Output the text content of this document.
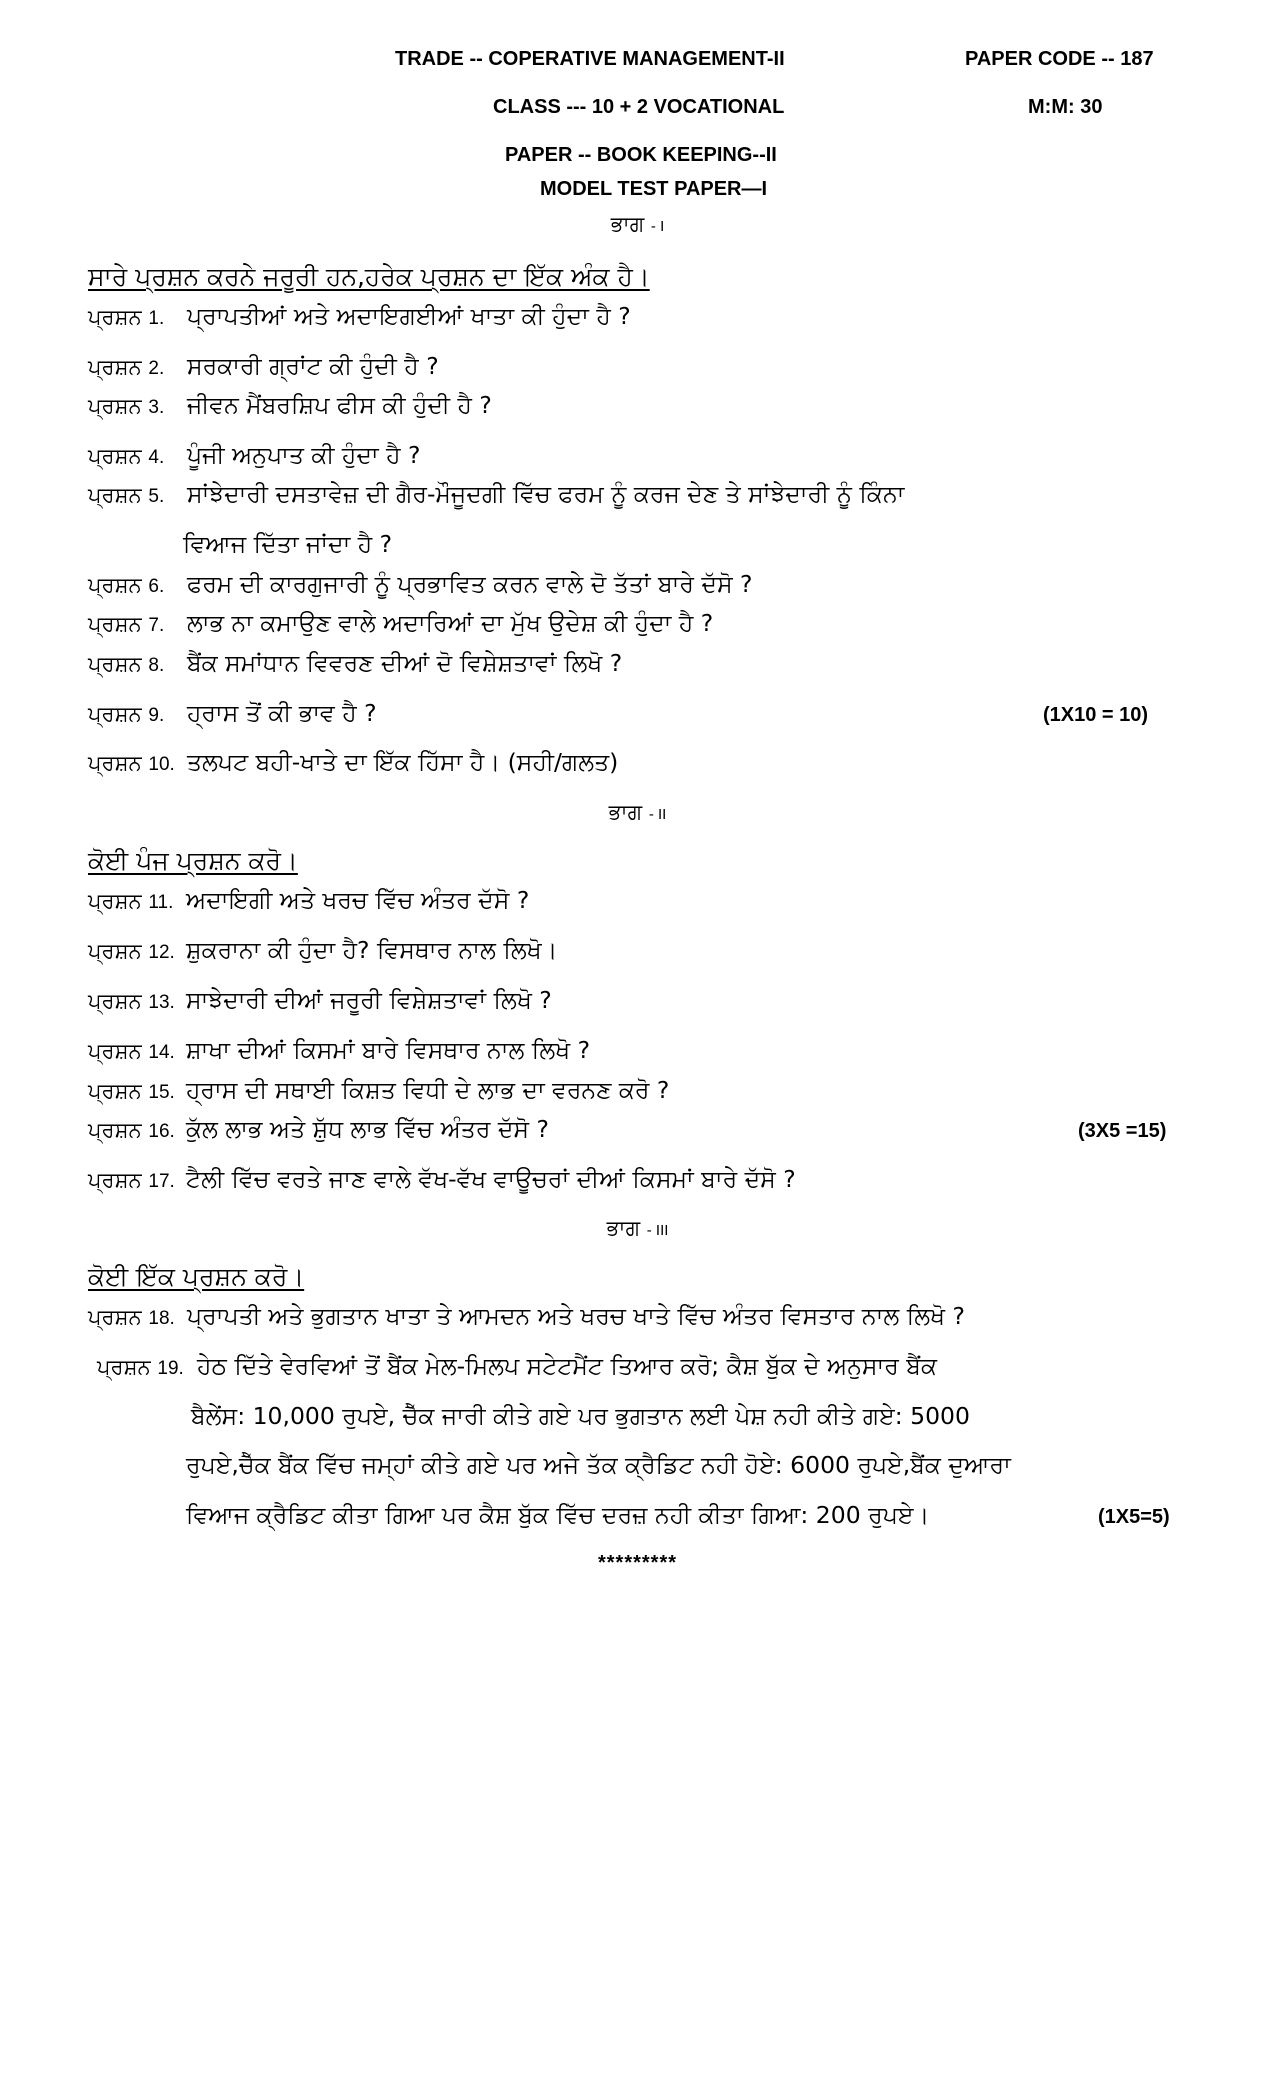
TRADE -- COPERATIVE MANAGEMENT-II	PAPER CODE -- 187
CLASS --- 10 + 2 VOCATIONAL	M:M: 30
PAPER -- BOOK KEEPING--II
MODEL TEST PAPER—I
ਭਾਗ - I
ਸਾਰੇ ਪ੍ਰਸ਼ਨ ਕਰਨੇ ਜਰੂਰੀ ਹਨ,ਹਰੇਕ ਪ੍ਰਸ਼ਨ ਦਾ ਇੱਕ ਅੰਕ ਹੈ।
ਪ੍ਰਸ਼ਨ 1. ਪ੍ਰਾਪਤੀਆਂ ਅਤੇ ਅਦਾਇਗਈਆਂ ਖਾਤਾ ਕੀ ਹੁੰਦਾ ਹੈ ?
ਪ੍ਰਸ਼ਨ 2. ਸਰਕਾਰੀ ਗ੍ਰਾਂਟ ਕੀ ਹੁੰਦੀ ਹੈ ?
ਪ੍ਰਸ਼ਨ 3. ਜੀਵਨ ਮੈਂਬਰਸ਼ਿਪ ਫੀਸ ਕੀ ਹੁੰਦੀ ਹੈ ?
ਪ੍ਰਸ਼ਨ 4. ਪੂੰਜੀ ਅਨੁਪਾਤ ਕੀ ਹੁੰਦਾ ਹੈ ?
ਪ੍ਰਸ਼ਨ 5. ਸਾਂਝੇਦਾਰੀ ਦਸਤਾਵੇਜ਼ ਦੀ ਗੈਰ-ਮੌਜੂਦਗੀ ਵਿੱਚ ਫਰਮ ਨੂੰ ਕਰਜ ਦੇਣ ਤੇ ਸਾਂਝੇਦਾਰੀ ਨੂੰ ਕਿੰਨਾ
ਵਿਆਜ ਦਿੱਤਾ ਜਾਂਦਾ ਹੈ ?
ਪ੍ਰਸ਼ਨ 6. ਫਰਮ ਦੀ ਕਾਰਗੁਜਾਰੀ ਨੂੰ ਪ੍ਰਭਾਵਿਤ ਕਰਨ ਵਾਲੇ ਦੋ ਤੱਤਾਂ ਬਾਰੇ ਦੱਸੋ ?
ਪ੍ਰਸ਼ਨ 7. ਲਾਭ ਨਾ ਕਮਾਉਣ ਵਾਲੇ ਅਦਾਰਿਆਂ ਦਾ ਮੁੱਖ ਉਦੇਸ਼ ਕੀ ਹੁੰਦਾ ਹੈ ?
ਪ੍ਰਸ਼ਨ 8. ਬੈਂਕ ਸਮਾਂਧਾਨ ਵਿਵਰਣ ਦੀਆਂ ਦੋ ਵਿਸ਼ੇਸ਼ਤਾਵਾਂ ਲਿਖੋ ?
ਪ੍ਰਸ਼ਨ 9. ਹ੍ਰਾਸ ਤੋਂ ਕੀ ਭਾਵ ਹੈ ?	(1X10 = 10)
ਪ੍ਰਸ਼ਨ 10. ਤਲਪਟ ਬਹੀ-ਖਾਤੇ ਦਾ ਇੱਕ ਹਿੱਸਾ ਹੈ। (ਸਹੀ/ਗਲਤ)
ਭਾਗ - II
ਕੋਈ ਪੰਜ ਪ੍ਰਸ਼ਨ ਕਰੋ।
ਪ੍ਰਸ਼ਨ 11. ਅਦਾਇਗੀ ਅਤੇ ਖਰਚ ਵਿੱਚ ਅੰਤਰ ਦੱਸੋ ?
ਪ੍ਰਸ਼ਨ 12. ਸ਼ੁਕਰਾਨਾ ਕੀ ਹੁੰਦਾ ਹੈ? ਵਿਸਥਾਰ ਨਾਲ ਲਿਖੋ।
ਪ੍ਰਸ਼ਨ 13. ਸਾਝੇਦਾਰੀ ਦੀਆਂ ਜਰੂਰੀ ਵਿਸ਼ੇਸ਼ਤਾਵਾਂ ਲਿਖੋ ?
ਪ੍ਰਸ਼ਨ 14. ਸ਼ਾਖਾ ਦੀਆਂ ਕਿਸਮਾਂ ਬਾਰੇ ਵਿਸਥਾਰ ਨਾਲ ਲਿਖੋ ?
ਪ੍ਰਸ਼ਨ 15. ਹ੍ਰਾਸ ਦੀ ਸਥਾਈ ਕਿਸ਼ਤ ਵਿਧੀ ਦੇ ਲਾਭ ਦਾ ਵਰਨਣ ਕਰੋ ?
ਪ੍ਰਸ਼ਨ 16. ਕੁੱਲ ਲਾਭ ਅਤੇ ਸ਼ੁੱਧ ਲਾਭ ਵਿੱਚ ਅੰਤਰ ਦੱਸੋ ?	(3X5 =15)
ਪ੍ਰਸ਼ਨ 17. ਟੈਲੀ ਵਿੱਚ ਵਰਤੇ ਜਾਣ ਵਾਲੇ ਵੱਖ-ਵੱਖ ਵਾਊਚਰਾਂ ਦੀਆਂ ਕਿਸਮਾਂ ਬਾਰੇ ਦੱਸੋ ?
ਭਾਗ - III
ਕੋਈ ਇੱਕ ਪ੍ਰਸ਼ਨ ਕਰੋ।
ਪ੍ਰਸ਼ਨ 18. ਪ੍ਰਾਪਤੀ ਅਤੇ ਭੁਗਤਾਨ ਖਾਤਾ ਤੇ ਆਮਦਨ ਅਤੇ ਖਰਚ ਖਾਤੇ ਵਿੱਚ ਅੰਤਰ ਵਿਸਤਾਰ ਨਾਲ ਲਿਖੋ ?
ਪ੍ਰਸ਼ਨ 19. ਹੇਠ ਦਿੱਤੇ ਵੇਰਵਿਆਂ ਤੋਂ ਬੈਂਕ ਮੇਲ-ਮਿਲਪ ਸਟੇਟਮੈਂਟ ਤਿਆਰ ਕਰੋ; ਕੈਸ਼ ਬੁੱਕ ਦੇ ਅਨੁਸਾਰ ਬੈਂਕ
ਬੈਲੇਂਸ: 10,000 ਰੁਪਏ, ਚੈੱਕ ਜਾਰੀ ਕੀਤੇ ਗਏ ਪਰ ਭੁਗਤਾਨ ਲਈ ਪੇਸ਼ ਨਹੀ ਕੀਤੇ ਗਏ: 5000
ਰੁਪਏ,ਚੈੱਕ ਬੈਂਕ ਵਿੱਚ ਜਮ੍ਹਾਂ ਕੀਤੇ ਗਏ ਪਰ ਅਜੇ ਤੱਕ ਕ੍ਰੈਡਿਟ ਨਹੀ ਹੋਏ: 6000 ਰੁਪਏ,ਬੈਂਕ ਦੁਆਰਾ
ਵਿਆਜ ਕ੍ਰੈਡਿਟ ਕੀਤਾ ਗਿਆ ਪਰ ਕੈਸ਼ ਬੁੱਕ ਵਿੱਚ ਦਰਜ਼ ਨਹੀ ਕੀਤਾ ਗਿਆ: 200 ਰੁਪਏ।	(1X5=5)
*********
